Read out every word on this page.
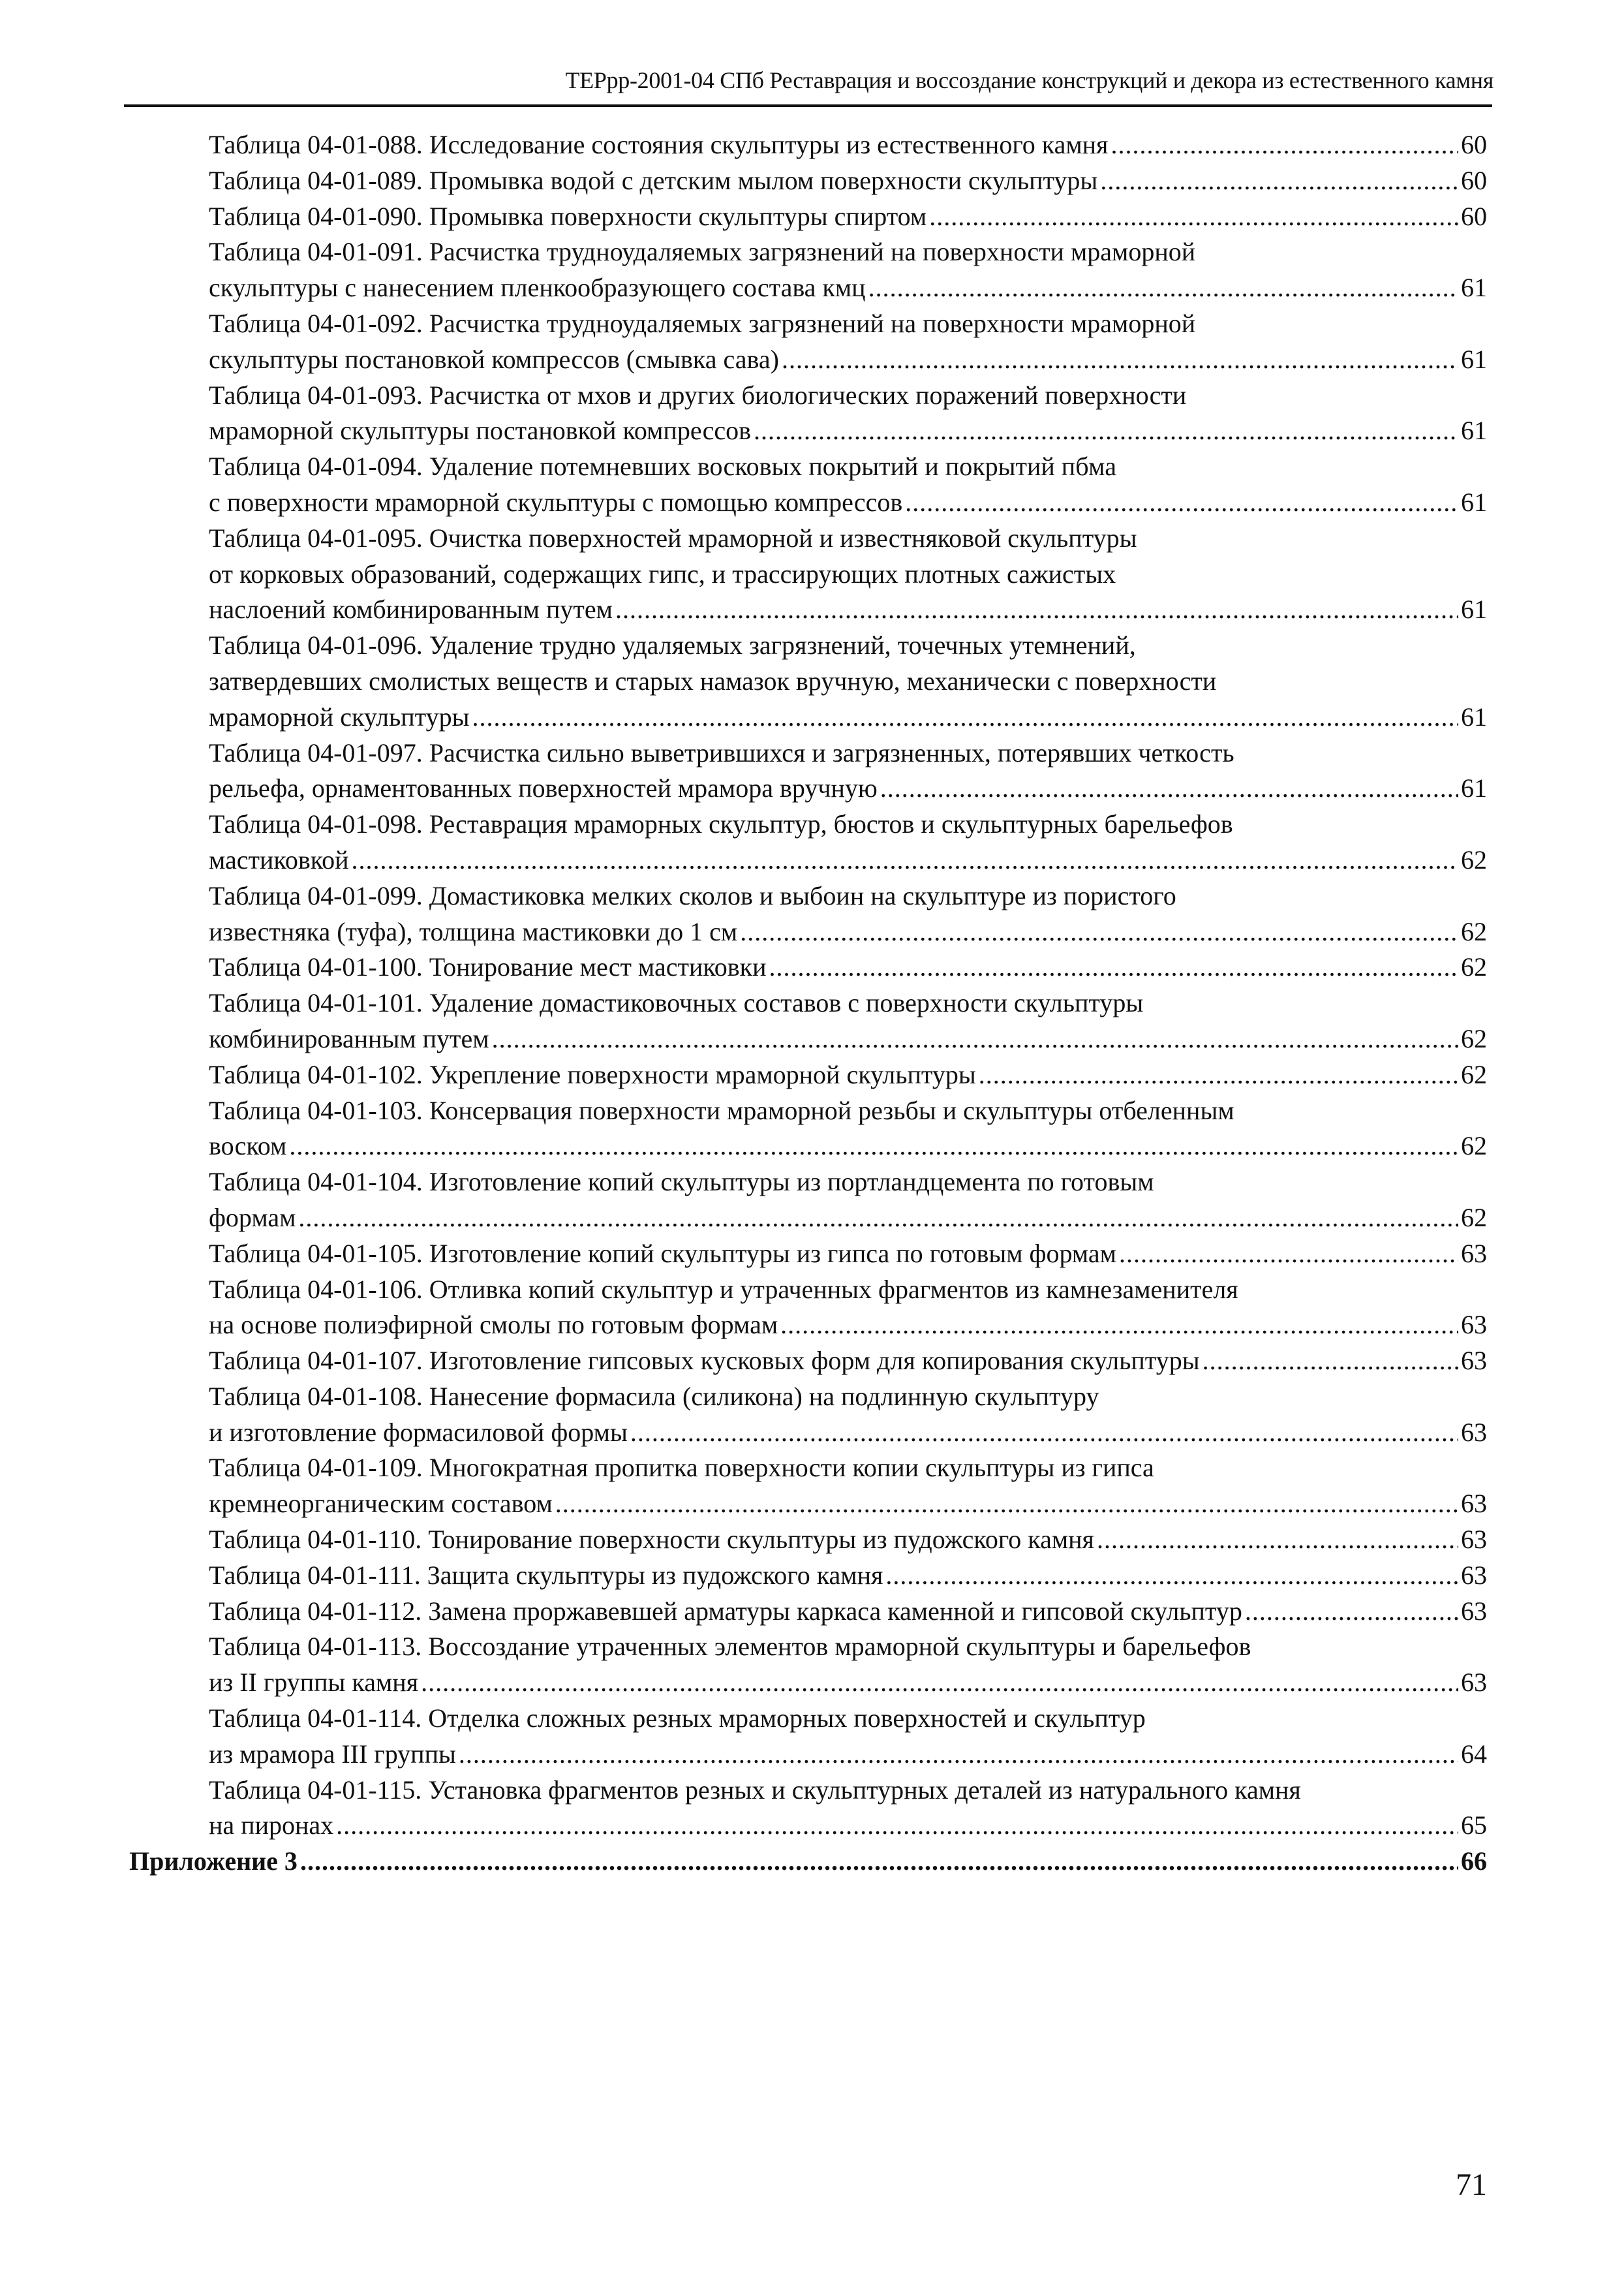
ТЕРрр-2001-04 СПб Реставрация и воссоздание конструкций и декора из естественного камня
Таблица 04-01-088. Исследование состояния скульптуры из естественного камня .....	60
Таблица 04-01-089. Промывка водой с детским мылом поверхности скульптуры .....	60
Таблица 04-01-090. Промывка поверхности скульптуры спиртом .....	60
Таблица 04-01-091. Расчистка трудноудаляемых загрязнений на поверхности мраморной
скульптуры с нанесением пленкообразующего состава кмц .....	61
Таблица 04-01-092. Расчистка трудноудаляемых загрязнений на поверхности мраморной
скульптуры постановкой компрессов (смывка сава) .....	61
Таблица 04-01-093. Расчистка от мхов и других биологических поражений поверхности
мраморной скульптуры постановкой компрессов .....	61
Таблица 04-01-094. Удаление потемневших восковых покрытий и покрытий пбма
с поверхности мраморной скульптуры с помощью компрессов .....	61
Таблица 04-01-095. Очистка поверхностей мраморной и известняковой скульптуры
от корковых образований, содержащих гипс, и трассирующих плотных сажистых
наслоений комбинированным путем .....	61
Таблица 04-01-096. Удаление трудно удаляемых загрязнений, точечных утемнений,
затвердевших смолистых веществ и старых намазок вручную, механически с поверхности
мраморной скульптуры .....	61
Таблица 04-01-097. Расчистка сильно выветрившихся и загрязненных, потерявших четкость
рельефа, орнаментованных поверхностей мрамора вручную .....	61
Таблица 04-01-098. Реставрация мраморных скульптур, бюстов и скульптурных барельефов
мастиковкой .....	62
Таблица 04-01-099. Домастиковка мелких сколов и выбоин на скульптуре из пористого
известняка (туфа), толщина мастиковки до 1 см .....	62
Таблица 04-01-100. Тонирование мест мастиковки .....	62
Таблица 04-01-101. Удаление домастиковочных составов с поверхности скульптуры
комбинированным путем .....	62
Таблица 04-01-102. Укрепление поверхности мраморной скульптуры .....	62
Таблица 04-01-103. Консервация поверхности мраморной резьбы и скульптуры отбеленным
воском .....	62
Таблица 04-01-104. Изготовление копий скульптуры из портландцемента по готовым
формам .....	62
Таблица 04-01-105. Изготовление копий скульптуры из гипса по готовым формам .....	63
Таблица 04-01-106. Отливка копий скульптур и утраченных фрагментов из камнезаменителя
на основе полиэфирной смолы по готовым формам .....	63
Таблица 04-01-107. Изготовление гипсовых кусковых форм для копирования скульптуры .....	63
Таблица 04-01-108. Нанесение формасила (силикона) на подлинную скульптуру
и изготовление формасиловой формы .....	63
Таблица 04-01-109. Многократная пропитка поверхности копии скульптуры из гипса
кремнеорганическим составом .....	63
Таблица 04-01-110. Тонирование поверхности скульптуры из пудожского камня .....	63
Таблица 04-01-111. Защита скульптуры из пудожского камня .....	63
Таблица 04-01-112. Замена проржавевшей арматуры каркаса каменной и гипсовой скульптур .....	63
Таблица 04-01-113. Воссоздание утраченных элементов мраморной скульптуры и барельефов
из II группы камня .....	63
Таблица 04-01-114. Отделка сложных резных мраморных поверхностей и скульптур
из мрамора III группы .....	64
Таблица 04-01-115. Установка фрагментов резных и скульптурных деталей из натурального камня
на пиронах .....	65
Приложение 3 .....	66
71
